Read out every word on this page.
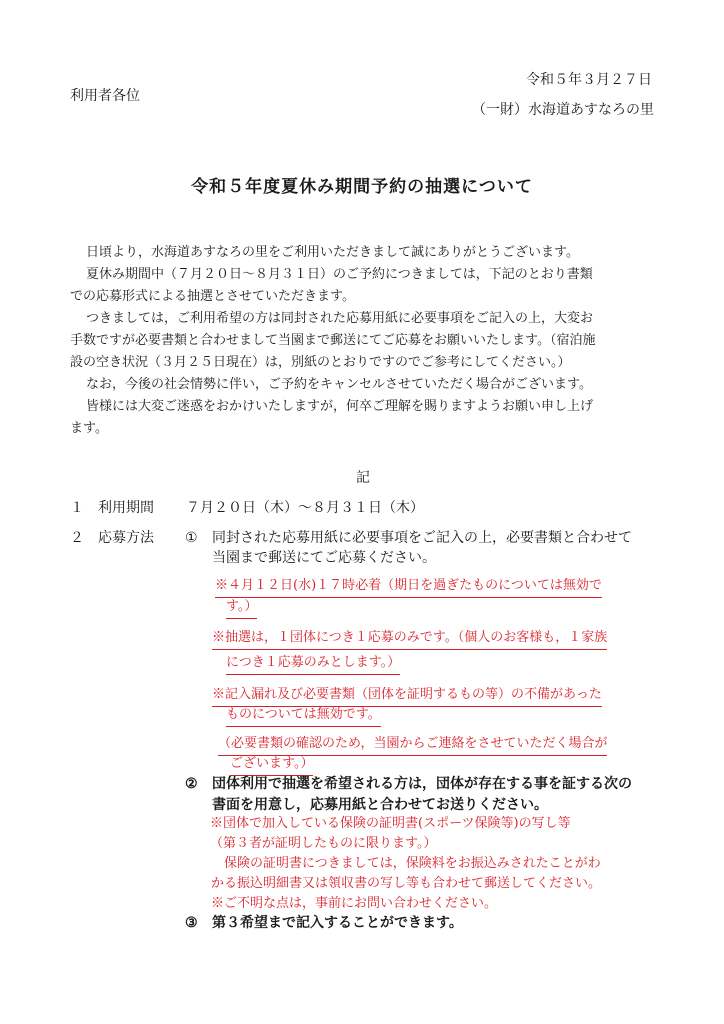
令和５年３月２７日
利用者各位
（一財）水海道あすなろの里
令和５年度夏休み期間予約の抽選について
日頃より，水海道あすなろの里をご利用いただきまして誠にありがとうございます。
夏休み期間中（７月２０日～８月３１日）のご予約につきましては，下記のとおり書類
での応募形式による抽選とさせていただきます。
つきましては，ご利用希望の方は同封された応募用紙に必要事項をご記入の上，大変お
手数ですが必要書類と合わせまして当園まで郵送にてご応募をお願いいたします。（宿泊施
設の空き状況（３月２５日現在）は，別紙のとおりですのでご参考にしてください。）
なお，今後の社会情勢に伴い，ご予約をキャンセルさせていただく場合がございます。
皆様には大変ご迷惑をおかけいたしますが，何卒ご理解を賜りますようお願い申し上げ
ます。
記
１ 利用期間 ７月２０日（木）～８月３１日（木）
２ 応募方法 ① 同封された応募用紙に必要事項をご記入の上，必要書類と合わせて
当園まで郵送にてご応募ください。
※４月１２日(水)１７時必着（期日を過ぎたものについては無効で
す。）
※抽選は，１団体につき１応募のみです。（個人のお客様も，１家族
につき１応募のみとします。）
※記入漏れ及び必要書類（団体を証明するもの等）の不備があった
ものについては無効です。
（必要書類の確認のため，当園からご連絡をさせていただく場合が
ございます。）
② 団体利用で抽選を希望される方は，団体が存在する事を証する次の
書面を用意し，応募用紙と合わせてお送りください。
※団体で加入している保険の証明書(スポーツ保険等)の写し等
（第３者が証明したものに限ります。）
保険の証明書につきましては，保険料をお振込みされたことがわ
かる振込明細書又は領収書の写し等も合わせて郵送してください。
※ご不明な点は，事前にお問い合わせください。
③ 第３希望まで記入することができます。
